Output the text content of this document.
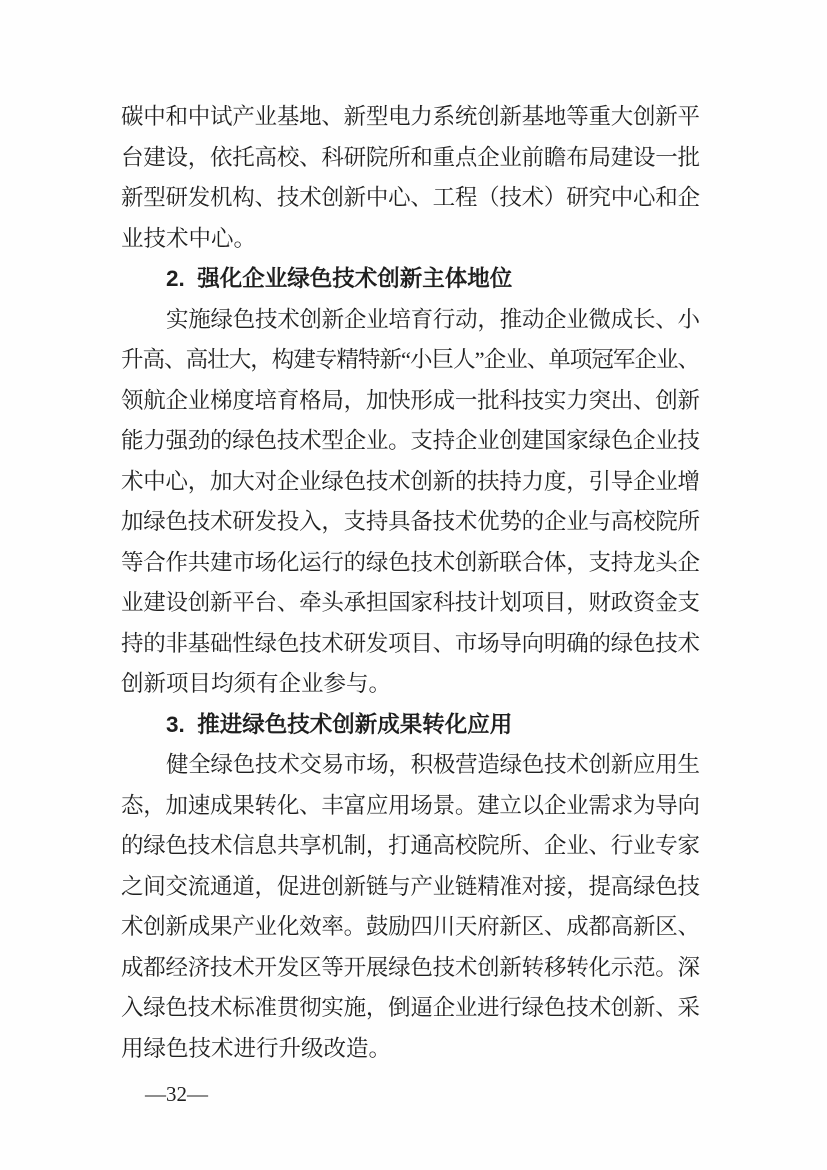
碳中和中试产业基地、新型电力系统创新基地等重大创新平
台建设，依托高校、科研院所和重点企业前瞻布局建设一批
新型研发机构、技术创新中心、工程（技术）研究中心和企
业技术中心。
2.  强化企业绿色技术创新主体地位
实施绿色技术创新企业培育行动，推动企业微成长、小
升高、高壮大，构建专精特新“小巨人”企业、单项冠军企业、
领航企业梯度培育格局，加快形成一批科技实力突出、创新
能力强劲的绿色技术型企业。支持企业创建国家绿色企业技
术中心，加大对企业绿色技术创新的扶持力度，引导企业增
加绿色技术研发投入，支持具备技术优势的企业与高校院所
等合作共建市场化运行的绿色技术创新联合体，支持龙头企
业建设创新平台、牵头承担国家科技计划项目，财政资金支
持的非基础性绿色技术研发项目、市场导向明确的绿色技术
创新项目均须有企业参与。
3.  推进绿色技术创新成果转化应用
健全绿色技术交易市场，积极营造绿色技术创新应用生
态，加速成果转化、丰富应用场景。建立以企业需求为导向
的绿色技术信息共享机制，打通高校院所、企业、行业专家
之间交流通道，促进创新链与产业链精准对接，提高绿色技
术创新成果产业化效率。鼓励四川天府新区、成都高新区、
成都经济技术开发区等开展绿色技术创新转移转化示范。深
入绿色技术标准贯彻实施，倒逼企业进行绿色技术创新、采
用绿色技术进行升级改造。
—32—
